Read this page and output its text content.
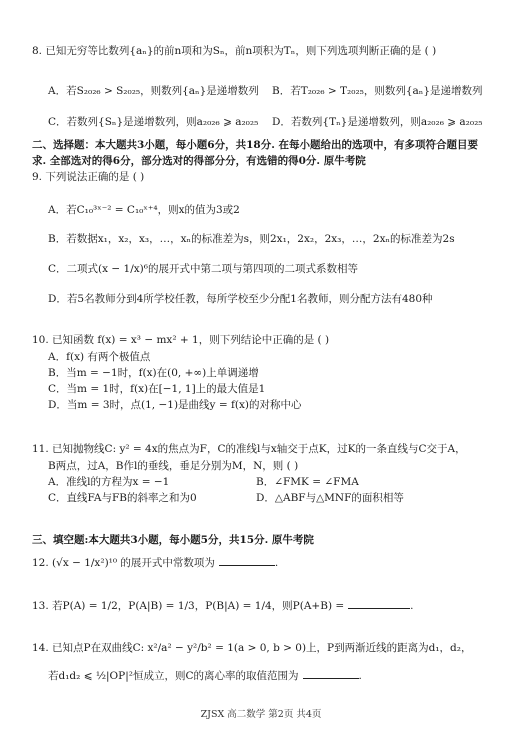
8. 已知无穷等比数列{aₙ}的前n项和为Sₙ，前n项积为Tₙ，则下列选项判断正确的是 ( )
A．若S₂₀₂₆ > S₂₀₂₅，则数列{aₙ}是递增数列 B．若T₂₀₂₆ > T₂₀₂₅，则数列{aₙ}是递增数列
C．若数列{Sₙ}是递增数列，则a₂₀₂₆ ⩾ a₂₀₂₅ D．若数列{Tₙ}是递增数列，则a₂₀₂₆ ⩾ a₂₀₂₅
二、选择题：本大题共3小题，每小题6分，共18分. 在每小题给出的选项中，有多项符合题目要
求. 全部选对的得6分，部分选对的得部分分，有选错的得0分. 原牛考院
9. 下列说法正确的是 ( )
A．若C₁₀³ˣ⁻² = C₁₀ˣ⁺⁴，则x的值为3或2
B．若数据x₁，x₂，x₃，…，xₙ的标准差为s，则2x₁，2x₂，2x₃，…，2xₙ的标准差为2s
C．二项式(x − 1/x)⁶的展开式中第二项与第四项的二项式系数相等
D．若5名教师分到4所学校任教，每所学校至少分配1名教师，则分配方法有480种
10. 已知函数 f(x) = x³ − mx² + 1，则下列结论中正确的是 ( )
A．f(x) 有两个极值点
B．当m = −1时，f(x)在(0, +∞)上单调递增
C．当m = 1时，f(x)在[−1, 1]上的最大值是1
D．当m = 3时，点(1, −1)是曲线y = f(x)的对称中心
11. 已知抛物线C: y² = 4x的焦点为F，C的准线l与x轴交于点K，过K的一条直线与C交于A，
B两点，过A，B作l的垂线，垂足分别为M，N，则 ( )
A．准线l的方程为x = −1	B．∠FMK = ∠FMA
C．直线FA与FB的斜率之和为0	D．△ABF与△MNF的面积相等
三、填空题:本大题共3小题，每小题5分，共15分. 原牛考院
12. (√x − 1/x²)¹⁰ 的展开式中常数项为	.
13. 若P(A) = 1/2，P(A|B) = 1/3，P(B|A) = 1/4，则P(A+B) =	.
14. 已知点P在双曲线C: x²/a² − y²/b² = 1(a > 0, b > 0)上，P到两渐近线的距离为d₁，d₂，
若d₁d₂ ⩽ ½|OP|²恒成立，则C的离心率的取值范围为	.
ZJSX 高二数学 第2页 共4页
